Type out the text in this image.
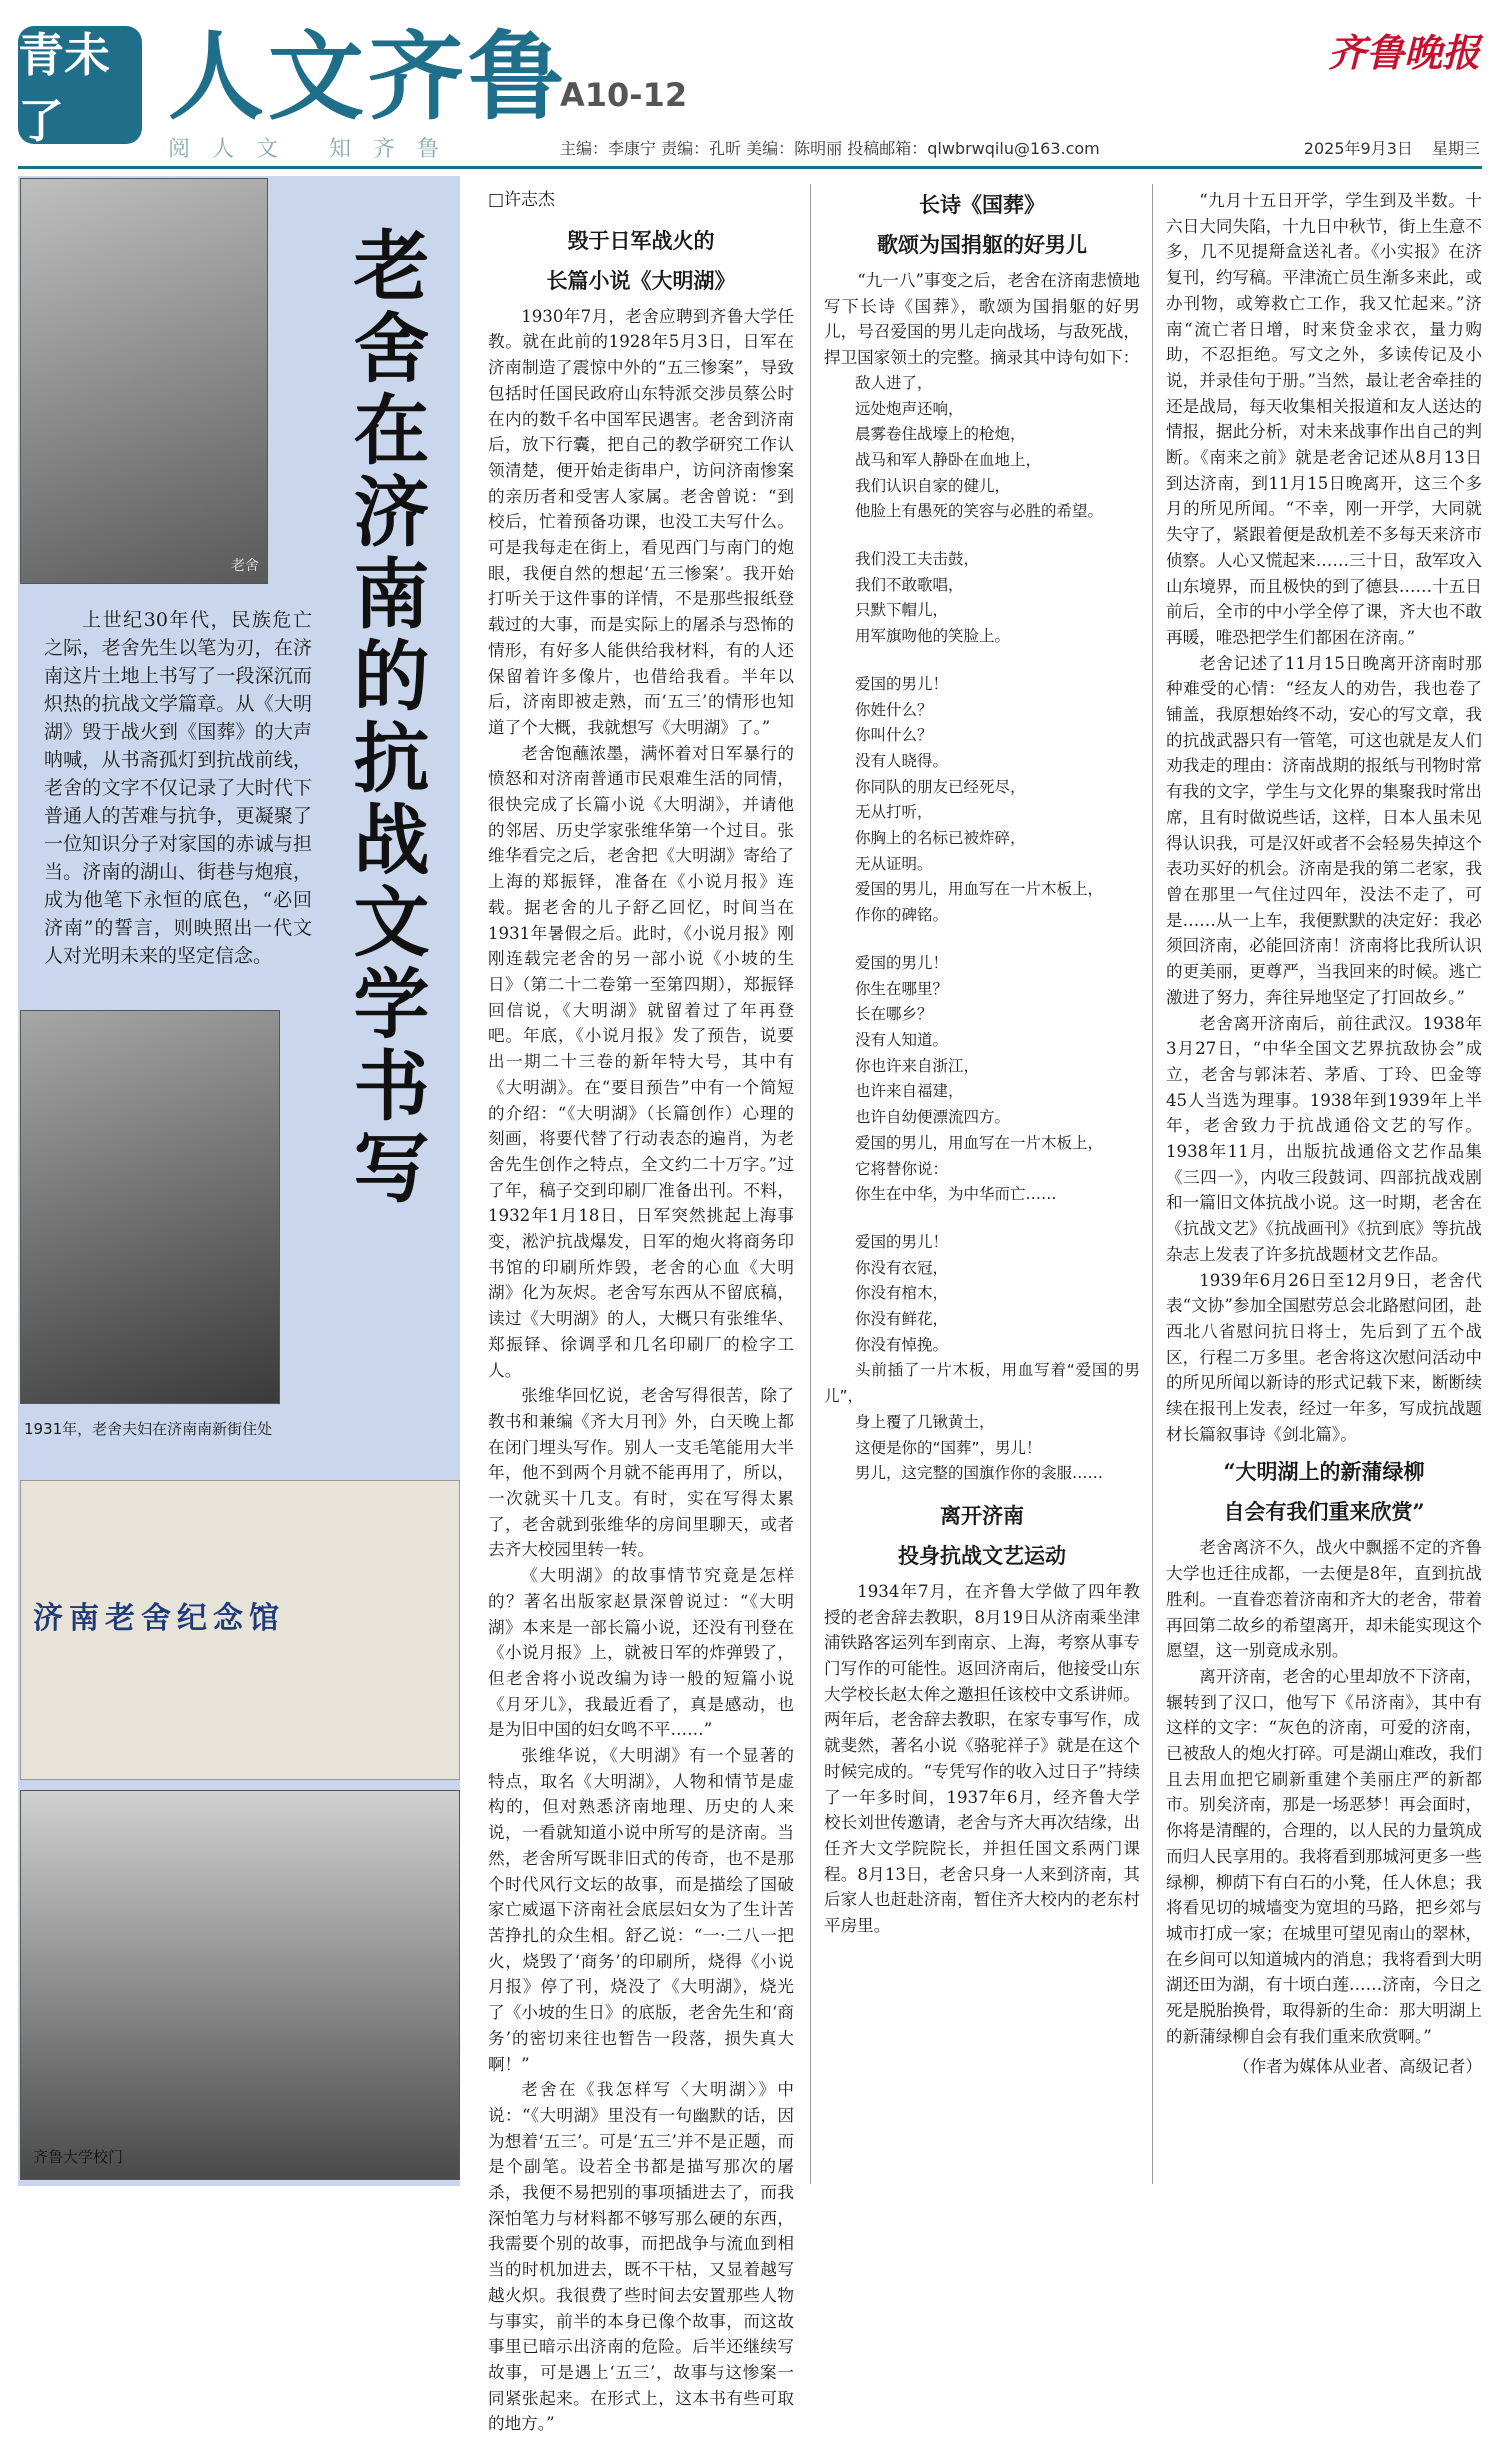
青未了	人文齐鲁
A10-12
齐鲁晚报
阅人文 知齐鲁	主编：李康宁 责编：孔昕 美编：陈明丽 投稿邮箱：qlwbrwqilu@163.com	2025年9月3日 星期三
老舍 老舍在济南的抗战文学书写
上世纪30年代，民族危亡之际，老舍先生以笔为刃，在济南这片土地上书写了一段深沉而炽热的抗战文学篇章。从《大明湖》毁于战火到《国葬》的大声呐喊，从书斋孤灯到抗战前线，老舍的文字不仅记录了大时代下普通人的苦难与抗争，更凝聚了一位知识分子对家国的赤诚与担当。济南的湖山、街巷与炮痕，成为他笔下永恒的底色，“必回济南”的誓言，则映照出一代文人对光明未来的坚定信念。
1931年，老舍夫妇在济南南新街住处
济南老舍纪念馆
齐鲁大学校门

□许志杰

毁于日军战火的

长篇小说《大明湖》

1930年7月，老舍应聘到齐鲁大学任教。就在此前的1928年5月3日，日军在济南制造了震惊中外的“五三惨案”，导致包括时任国民政府山东特派交涉员蔡公时在内的数千名中国军民遇害。老舍到济南后，放下行囊，把自己的教学研究工作认领清楚，便开始走街串户，访问济南惨案的亲历者和受害人家属。老舍曾说：“到校后，忙着预备功课，也没工夫写什么。可是我每走在街上，看见西门与南门的炮眼，我便自然的想起‘五三惨案’。我开始打听关于这件事的详情，不是那些报纸登载过的大事，而是实际上的屠杀与恐怖的情形，有好多人能供给我材料，有的人还保留着许多像片，也借给我看。半年以后，济南即被走熟，而‘五三’的情形也知道了个大概，我就想写《大明湖》了。”

老舍饱蘸浓墨，满怀着对日军暴行的愤怒和对济南普通市民艰难生活的同情，很快完成了长篇小说《大明湖》，并请他的邻居、历史学家张维华第一个过目。张维华看完之后，老舍把《大明湖》寄给了上海的郑振铎，准备在《小说月报》连载。据老舍的儿子舒乙回忆，时间当在1931年暑假之后。此时，《小说月报》刚刚连载完老舍的另一部小说《小坡的生日》（第二十二卷第一至第四期），郑振铎回信说，《大明湖》就留着过了年再登吧。年底，《小说月报》发了预告，说要出一期二十三卷的新年特大号，其中有《大明湖》。在“要目预告”中有一个简短的介绍：“《大明湖》（长篇创作）心理的刻画，将要代替了行动表态的遍肖，为老舍先生创作之特点，全文约二十万字。”过了年，稿子交到印刷厂准备出刊。不料，1932年1月18日，日军突然挑起上海事变，淞沪抗战爆发，日军的炮火将商务印书馆的印刷所炸毁，老舍的心血《大明湖》化为灰烬。老舍写东西从不留底稿，读过《大明湖》的人，大概只有张维华、郑振铎、徐调孚和几名印刷厂的检字工人。

张维华回忆说，老舍写得很苦，除了教书和兼编《齐大月刊》外，白天晚上都在闭门埋头写作。别人一支毛笔能用大半年，他不到两个月就不能再用了，所以，一次就买十几支。有时，实在写得太累了，老舍就到张维华的房间里聊天，或者去齐大校园里转一转。

《大明湖》的故事情节究竟是怎样的？著名出版家赵景深曾说过：“《大明湖》本来是一部长篇小说，还没有刊登在《小说月报》上，就被日军的炸弹毁了，但老舍将小说改编为诗一般的短篇小说《月牙儿》，我最近看了，真是感动，也是为旧中国的妇女鸣不平……”

张维华说，《大明湖》有一个显著的特点，取名《大明湖》，人物和情节是虚构的，但对熟悉济南地理、历史的人来说，一看就知道小说中所写的是济南。当然，老舍所写既非旧式的传奇，也不是那个时代风行文坛的故事，而是描绘了国破家亡威逼下济南社会底层妇女为了生计苦苦挣扎的众生相。舒乙说：“一·二八一把火，烧毁了‘商务’的印刷所，烧得《小说月报》停了刊，烧没了《大明湖》，烧光了《小坡的生日》的底版，老舍先生和‘商务’的密切来往也暂告一段落，损失真大啊！”

老舍在《我怎样写〈大明湖〉》中说：“《大明湖》里没有一句幽默的话，因为想着‘五三’。可是‘五三’并不是正题，而是个副笔。设若全书都是描写那次的屠杀，我便不易把别的事项插进去了，而我深怕笔力与材料都不够写那么硬的东西，我需要个别的故事，而把战争与流血到相当的时机加进去，既不干枯，又显着越写越火炽。我很费了些时间去安置那些人物与事实，前半的本身已像个故事，而这故事里已暗示出济南的危险。后半还继续写故事，可是遇上‘五三’，故事与这惨案一同紧张起来。在形式上，这本书有些可取的地方。”

长诗《国葬》

歌颂为国捐躯的好男儿

“九一八”事变之后，老舍在济南悲愤地写下长诗《国葬》，歌颂为国捐躯的好男儿，号召爱国的男儿走向战场，与敌死战，捍卫国家领土的完整。摘录其中诗句如下：

敌人进了，

远处炮声还响，

晨雾卷住战壕上的枪炮，

战马和军人静卧在血地上，

我们认识自家的健儿，

他脸上有愚死的笑容与必胜的希望。

我们没工夫击鼓，

我们不敢歌唱，

只默下帽儿，

用军旗吻他的笑脸上。

爱国的男儿！

你姓什么？

你叫什么？

没有人晓得。

你同队的朋友已经死尽，

无从打听，

你胸上的名标已被炸碎，

无从证明。

爱国的男儿，用血写在一片木板上，

作你的碑铭。

爱国的男儿！

你生在哪里？

长在哪乡？

没有人知道。

你也许来自浙江，

也许来自福建，

也许自幼便漂流四方。

爱国的男儿，用血写在一片木板上，

它将替你说：

你生在中华，为中华而亡……

爱国的男儿！

你没有衣冠，

你没有棺木，

你没有鲜花，

你没有悼挽。

头前插了一片木板，用血写着“爱国的男儿”，

身上覆了几锹黄土，

这便是你的“国葬”，男儿！

男儿，这完整的国旗作你的衾服……

离开济南

投身抗战文艺运动

1934年7月，在齐鲁大学做了四年教授的老舍辞去教职，8月19日从济南乘坐津浦铁路客运列车到南京、上海，考察从事专门写作的可能性。返回济南后，他接受山东大学校长赵太侔之邀担任该校中文系讲师。两年后，老舍辞去教职，在家专事写作，成就斐然，著名小说《骆驼祥子》就是在这个时候完成的。“专凭写作的收入过日子”持续了一年多时间，1937年6月，经齐鲁大学校长刘世传邀请，老舍与齐大再次结缘，出任齐大文学院院长，并担任国文系两门课程。8月13日，老舍只身一人来到济南，其后家人也赶赴济南，暂住齐大校内的老东村平房里。

“九月十五日开学，学生到及半数。十六日大同失陷，十九日中秋节，街上生意不多，几不见提搿盒送礼者。《小实报》在济复刊，约写稿。平津流亡员生渐多来此，或办刊物，或筹救亡工作，我又忙起来。”济南“流亡者日增，时来贷金求衣，量力购助，不忍拒绝。写文之外，多读传记及小说，并录佳句于册。”当然，最让老舍牵挂的还是战局，每天收集相关报道和友人送达的情报，据此分析，对未来战事作出自己的判断。《南来之前》就是老舍记述从8月13日到达济南，到11月15日晚离开，这三个多月的所见所闻。“不幸，刚一开学，大同就失守了，紧跟着便是敌机差不多每天来济市侦察。人心又慌起来……三十日，敌军攻入山东境界，而且极快的到了德县……十五日前后，全市的中小学全停了课，齐大也不敢再暖，唯恐把学生们都困在济南。”

老舍记述了11月15日晚离开济南时那种难受的心情：“经友人的劝告，我也卷了铺盖，我原想始终不动，安心的写文章，我的抗战武器只有一管笔，可这也就是友人们劝我走的理由：济南战期的报纸与刊物时常有我的文字，学生与文化界的集聚我时常出席，且有时做说些话，这样，日本人虽未见得认识我，可是汉奸或者不会轻易失掉这个表功买好的机会。济南是我的第二老家，我曾在那里一气住过四年，没法不走了，可是……从一上车，我便默默的决定好：我必须回济南，必能回济南！济南将比我所认识的更美丽，更尊严，当我回来的时候。逃亡激进了努力，奔往异地坚定了打回故乡。”

老舍离开济南后，前往武汉。1938年3月27日，“中华全国文艺界抗敌协会”成立，老舍与郭沫若、茅盾、丁玲、巴金等45人当选为理事。1938年到1939年上半年，老舍致力于抗战通俗文艺的写作。1938年11月，出版抗战通俗文艺作品集《三四一》，内收三段鼓词、四部抗战戏剧和一篇旧文体抗战小说。这一时期，老舍在《抗战文艺》《抗战画刊》《抗到底》等抗战杂志上发表了许多抗战题材文艺作品。

1939年6月26日至12月9日，老舍代表“文协”参加全国慰劳总会北路慰问团，赴西北八省慰问抗日将士，先后到了五个战区，行程二万多里。老舍将这次慰问活动中的所见所闻以新诗的形式记载下来，断断续续在报刊上发表，经过一年多，写成抗战题材长篇叙事诗《剑北篇》。

“大明湖上的新蒲绿柳

自会有我们重来欣赏”

老舍离济不久，战火中飘摇不定的齐鲁大学也迁往成都，一去便是8年，直到抗战胜利。一直眷恋着济南和齐大的老舍，带着再回第二故乡的希望离开，却未能实现这个愿望，这一别竟成永别。

离开济南，老舍的心里却放不下济南，辗转到了汉口，他写下《吊济南》，其中有这样的文字：“灰色的济南，可爱的济南，已被敌人的炮火打碎。可是湖山难改，我们且去用血把它刷新重建个美丽庄严的新都市。别矣济南，那是一场恶梦！再会面时，你将是清醒的，合理的，以人民的力量筑成而归人民享用的。我将看到那城河更多一些绿柳，柳荫下有白石的小凳，任人休息；我将看见切的城墙变为宽坦的马路，把乡郊与城市打成一家；在城里可望见南山的翠林，在乡间可以知道城内的消息；我将看到大明湖还田为湖，有十顷白莲……济南，今日之死是脱胎换骨，取得新的生命：那大明湖上的新蒲绿柳自会有我们重来欣赏啊。”

（作者为媒体从业者、高级记者）
